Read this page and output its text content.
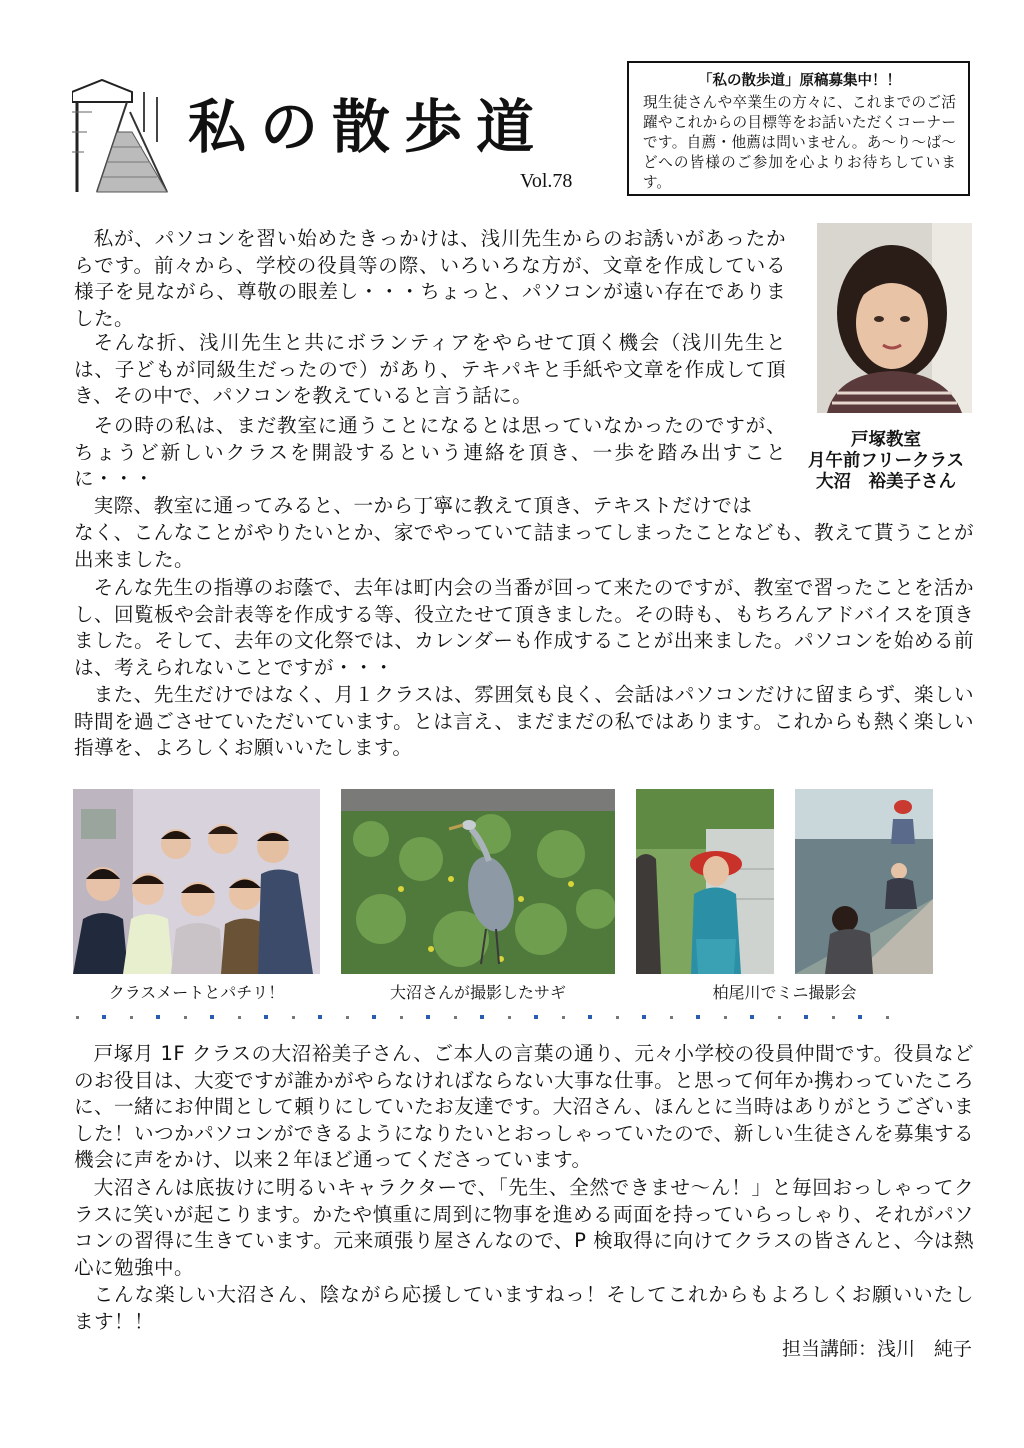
私の散歩道
Vol.78
「私の散歩道」原稿募集中！！
現生徒さんや卒業生の方々に、これまでのご活躍やこれからの目標等をお話いただくコーナーです。自薦・他薦は問いません。あ～り～ば～どへの皆様のご参加を心よりお待ちしています。
戸塚教室
月午前フリークラス
大沼　裕美子さん

私が、パソコンを習い始めたきっかけは、浅川先生からのお誘いがあったからです。前々から、学校の役員等の際、いろいろな方が、文章を作成している様子を見ながら、尊敬の眼差し・・・ちょっと、パソコンが遠い存在でありました。

そんな折、浅川先生と共にボランティアをやらせて頂く機会（浅川先生とは、子どもが同級生だったので）があり、テキパキと手紙や文章を作成して頂き、その中で、パソコンを教えていると言う話に。

その時の私は、まだ教室に通うことになるとは思っていなかったのですが、ちょうど新しいクラスを開設するという連絡を頂き、一歩を踏み出すことに・・・

実際、教室に通ってみると、一から丁寧に教えて頂き、テキストだけでは

なく、こんなことがやりたいとか、家でやっていて詰まってしまったことなども、教えて貰うことが出来ました。

そんな先生の指導のお蔭で、去年は町内会の当番が回って来たのですが、教室で習ったことを活かし、回覧板や会計表等を作成する等、役立たせて頂きました。その時も、もちろんアドバイスを頂きました。そして、去年の文化祭では、カレンダーも作成することが出来ました。パソコンを始める前は、考えられないことですが・・・

また、先生だけではなく、月１クラスは、雰囲気も良く、会話はパソコンだけに留まらず、楽しい時間を過ごさせていただいています。とは言え、まだまだの私ではあります。これからも熱く楽しい指導を、よろしくお願いいたします。

クラスメートとパチリ！	大沼さんが撮影したサギ	柏尾川でミニ撮影会

戸塚月 1F クラスの大沼裕美子さん、ご本人の言葉の通り、元々小学校の役員仲間です。役員などのお役目は、大変ですが誰かがやらなければならない大事な仕事。と思って何年か携わっていたころに、一緒にお仲間として頼りにしていたお友達です。大沼さん、ほんとに当時はありがとうございました！いつかパソコンができるようになりたいとおっしゃっていたので、新しい生徒さんを募集する機会に声をかけ、以来２年ほど通ってくださっています。

大沼さんは底抜けに明るいキャラクターで、「先生、全然できませ～ん！」と毎回おっしゃってクラスに笑いが起こります。かたや慎重に周到に物事を進める両面を持っていらっしゃり、それがパソコンの習得に生きています。元来頑張り屋さんなので、P 検取得に向けてクラスの皆さんと、今は熱心に勉強中。

こんな楽しい大沼さん、陰ながら応援していますねっ！そしてこれからもよろしくお願いいたします！！

担当講師：浅川　純子
